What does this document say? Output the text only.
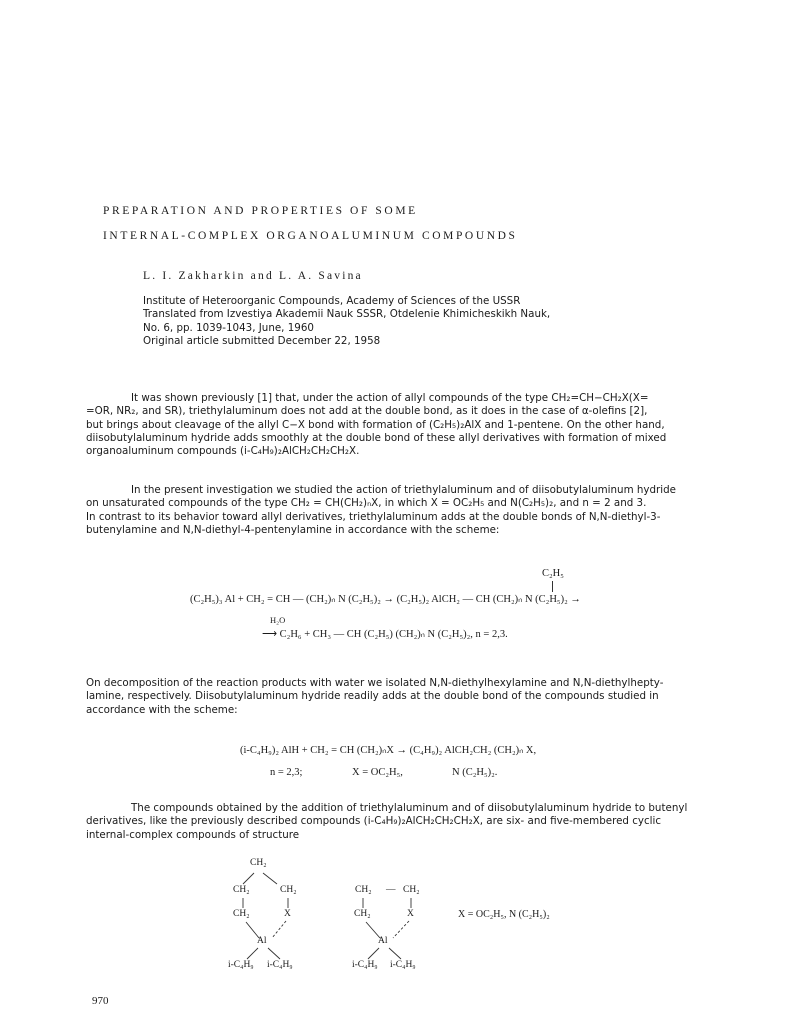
PREPARATION AND PROPERTIES OF SOME
INTERNAL-COMPLEX ORGANOALUMINUM COMPOUNDS
L. I. Zakharkin and L. A. Savina
Institute of Heteroorganic Compounds, Academy of Sciences of the USSR
Translated from Izvestiya Akademii Nauk SSSR, Otdelenie Khimicheskikh Nauk,
No. 6, pp. 1039-1043, June, 1960
Original article submitted December 22, 1958
It was shown previously [1] that, under the action of allyl compounds of the type CH₂=CH−CH₂X(X=
=OR, NR₂, and SR), triethylaluminum does not add at the double bond, as it does in the case of α-olefins [2],
but brings about cleavage of the allyl C−X bond with formation of (C₂H₅)₂AlX and 1-pentene. On the other hand,
diisobutylaluminum hydride adds smoothly at the double bond of these allyl derivatives with formation of mixed
organoaluminum compounds (i-C₄H₉)₂AlCH₂CH₂CH₂X.
In the present investigation we studied the action of triethylaluminum and of diisobutylaluminum hydride
on unsaturated compounds of the type CH₂ = CH(CH₂)ₙX, in which X = OC₂H₅ and N(C₂H₅)₂, and n = 2 and 3.
In contrast to its behavior toward allyl derivatives, triethylaluminum adds at the double bonds of N,N-diethyl-3-
butenylamine and N,N-diethyl-4-pentenylamine in accordance with the scheme:
C₂H₅
(C₂H₅)₃ Al + CH₂ = CH — (CH₂)ₙ N (C₂H₅)₂ → (C₂H₅)₂ AlCH₂ — CH (CH₂)ₙ N (C₂H₅)₂ →
H₂O
⟶ C₂H₆ + CH₃ — CH (C₂H₅) (CH₂)ₙ N (C₂H₅)₂, n = 2,3.
On decomposition of the reaction products with water we isolated N,N-diethylhexylamine and N,N-diethylhepty-
lamine, respectively. Diisobutylaluminum hydride readily adds at the double bond of the compounds studied in
accordance with the scheme:
(i-C₄H₉)₂ AlH + CH₂ = CH (CH₂)ₙX → (C₄H₉)₂ AlCH₂CH₂ (CH₂)ₙ X,
n = 2,3;	X = OC₂H₅,	N (C₂H₅)₂.
The compounds obtained by the addition of triethylaluminum and of diisobutylaluminum hydride to butenyl
derivatives, like the previously described compounds (i-C₄H₉)₂AlCH₂CH₂CH₂X, are six- and five-membered cyclic
internal-complex compounds of structure
CH₂
CH₂	CH₂
CH₂	X
Al
i-C₄H₉ i-C₄H₉
CH₂ — CH₂
CH₂	X
Al
i-C₄H₉ i-C₄H₉
X = OC₂H₅, N (C₂H₅)₂
970
